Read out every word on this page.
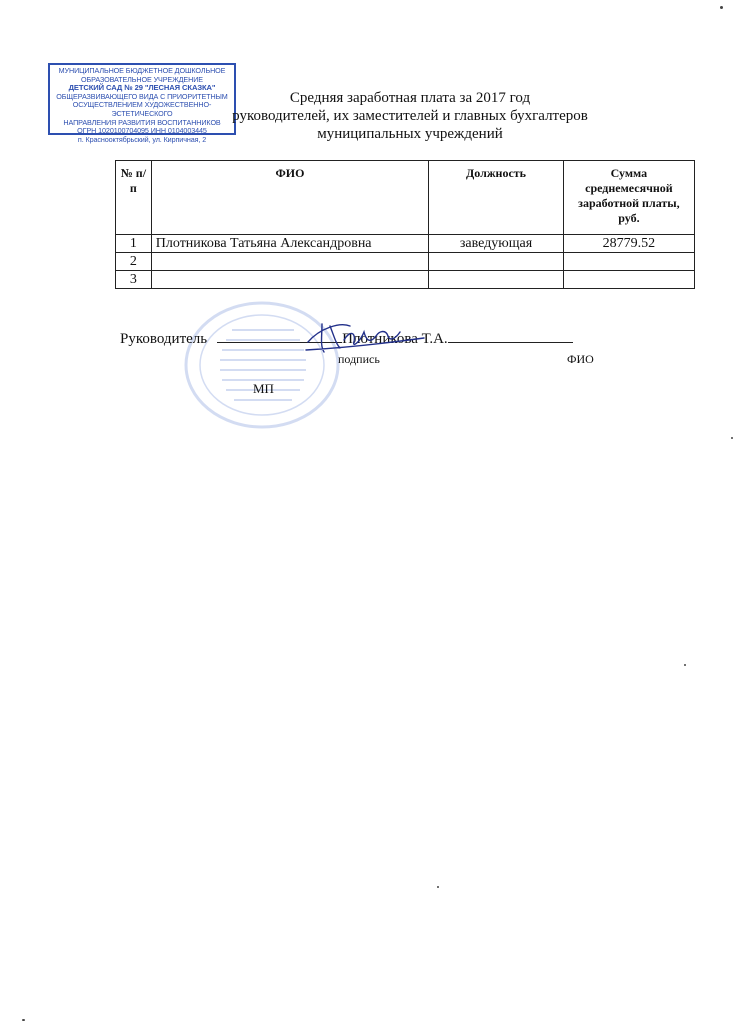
МУНИЦИПАЛЬНОЕ БЮДЖЕТНОЕ ДОШКОЛЬНОЕ
ОБРАЗОВАТЕЛЬНОЕ УЧРЕЖДЕНИЕ
ДЕТСКИЙ САД № 29 "ЛЕСНАЯ СКАЗКА"
ОБЩЕРАЗВИВАЮЩЕГО ВИДА С ПРИОРИТЕТНЫМ
ОСУЩЕСТВЛЕНИЕМ ХУДОЖЕСТВЕННО-ЭСТЕТИЧЕСКОГО
НАПРАВЛЕНИЯ РАЗВИТИЯ ВОСПИТАННИКОВ
ОГРН 1020100704095 ИНН 0104003445
п. Краснооктябрьский, ул. Кирпичная, 2
Средняя заработная плата за 2017 год
руководителей, их заместителей и главных бухгалтеров
муниципальных учреждений
№ п/п	ФИО	Должность	Сумма среднемесячной заработной платы, руб.
1	Плотникова Татьяна Александровна	заведующая	28779.52
2			
3			
Руководитель	Плотникова Т.А.
подпись	ФИО
МП
